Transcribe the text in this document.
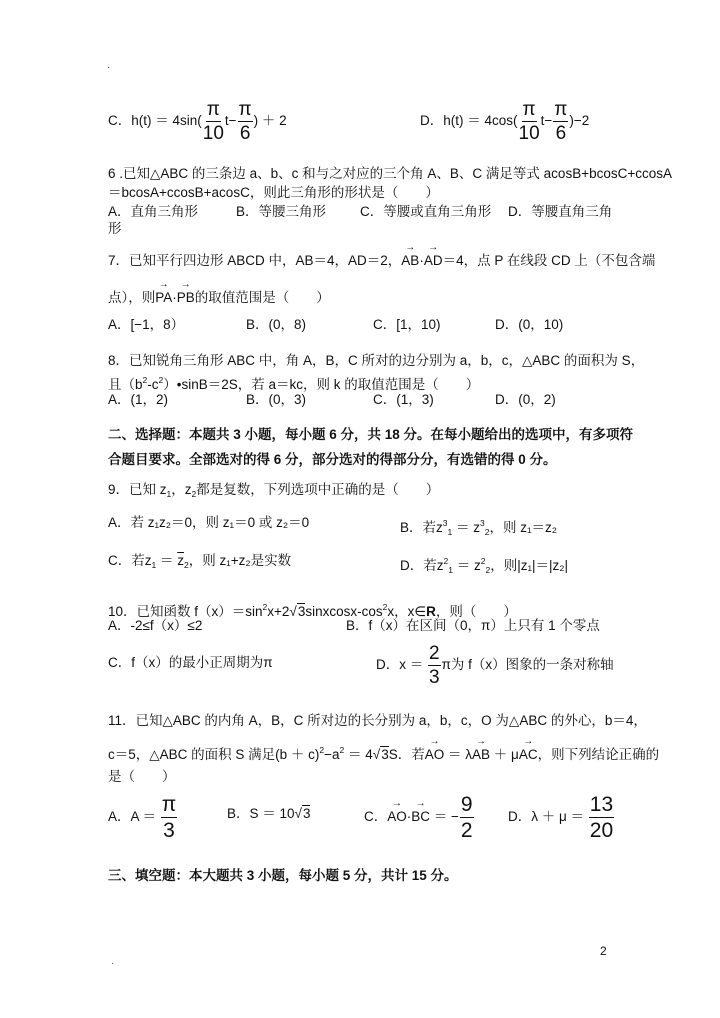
·
C．$h(t) = 4\sin( \frac{\pi}{10} t- \frac{\pi}{6}$ ) ＋ 2	D．$h(t) = 4\cos( \frac{\pi}{10} t- \frac{\pi}{6} )-2$
6 .已知△ABC 的三条边 a、b、c 和与之对应的三个角 A、B、C 满足等式 acosB+bcosC+ccosA
＝bcosA+ccosB+acosC，则此三角形的形状是（　　）
A．直角三角形	B．等腰三角形	C．等腰或直角三角形 D．等腰直角三角
形
7．已知平行四边形 ABCD 中，AB＝4，AD＝2，→ AB·→ AD＝4，点 P 在线段 CD 上（不包含端
点），则→ PA·→ PB的取值范围是（　　）
A．[−1，8）	B．(0，8)	C．[1，10)	D．(0，10)
8．已知锐角三角形 ABC 中，角 A，B，C 所对的边分别为 a，b，c，△ABC 的面积为 S，
且$(b^2-c^2)•\sin B=2S$，若 a＝kc，则 k 的取值范围是（　　）
A．(1，2)	B．(0，3)	C．(1，3)	D．(0，2)
二、选择题：本题共 3 小题，每小题 6 分，共 18 分。在每小题给出的选项中，有多项符
合题目要求。全部选对的得 6 分，部分选对的得部分分，有选错的得 0 分。
9．已知 $z_1$，$z_2$都是复数，下列选项中正确的是（　　）
A．若 z₁z₂＝0，则 z₁＝0 或 z₂＝0	B．若$z^3_1 = z^3_2$，则 z₁＝z₂
C．若$z_1 = \overline{z}_2$，则 z₁+z₂是实数	D．若$z^2_1 = z^2_2$，则|z₁|＝|z₂|
10．已知函数 $f(x)=\sin^2x+2√3sinxcosx-\cos^2x$，x∈R，则（　　）
A．-2≤f（x）≤2	B．f（x）在区间（0，π）上只有 1 个零点
C．f（x）的最小正周期为π	D．$x = \frac{2}{3}$ π为 f（x）图象的一条对称轴
11．已知△ABC 的内角 A，B，C 所对边的长分别为 a，b，c，O 为△ABC 的外心，b＝4，
c＝5，△ABC 的面积 S 满足$(b + c)^2-a^2 = 4√3S$．若→ AO ＝ λ→ AB ＋ μ→ AC，则下列结论正确的
是（　　）
A．$A = \frac{\pi}{3}$	B．S ＝ 10√3	C．→ AO·→ BC ＝ − $\frac{9}{2}$	D．$\lambda + \mu = \frac{13}{20}$
三、填空题：本大题共 3 小题，每小题 5 分，共计 15 分。
·
2
